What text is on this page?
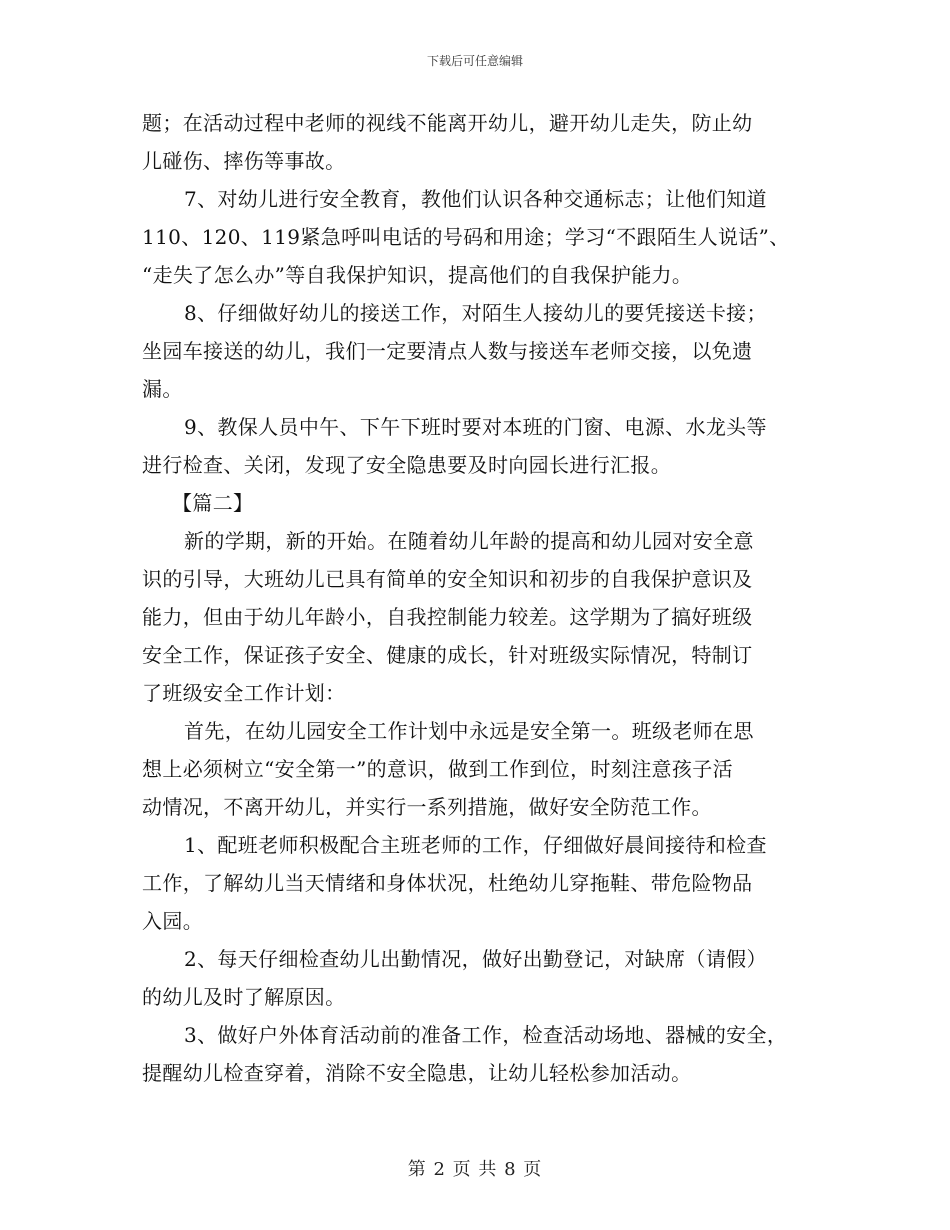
下载后可任意编辑
题；在活动过程中老师的视线不能离开幼儿，避开幼儿走失，防止幼
儿碰伤、摔伤等事故。
7、对幼儿进行安全教育，教他们认识各种交通标志；让他们知道
110、120、119紧急呼叫电话的号码和用途；学习“不跟陌生人说话”、
“走失了怎么办”等自我保护知识，提高他们的自我保护能力。
8、仔细做好幼儿的接送工作，对陌生人接幼儿的要凭接送卡接；
坐园车接送的幼儿，我们一定要清点人数与接送车老师交接，以免遗
漏。
9、教保人员中午、下午下班时要对本班的门窗、电源、水龙头等
进行检查、关闭，发现了安全隐患要及时向园长进行汇报。
【篇二】
新的学期，新的开始。在随着幼儿年龄的提高和幼儿园对安全意
识的引导，大班幼儿已具有简单的安全知识和初步的自我保护意识及
能力，但由于幼儿年龄小，自我控制能力较差。这学期为了搞好班级
安全工作，保证孩子安全、健康的成长，针对班级实际情况，特制订
了班级安全工作计划：
首先，在幼儿园安全工作计划中永远是安全第一。班级老师在思
想上必须树立“安全第一”的意识，做到工作到位，时刻注意孩子活
动情况，不离开幼儿，并实行一系列措施，做好安全防范工作。
1、配班老师积极配合主班老师的工作，仔细做好晨间接待和检查
工作，了解幼儿当天情绪和身体状况，杜绝幼儿穿拖鞋、带危险物品
入园。
2、每天仔细检查幼儿出勤情况，做好出勤登记，对缺席（请假）
的幼儿及时了解原因。
3、做好户外体育活动前的准备工作，检查活动场地、器械的安全，
提醒幼儿检查穿着，消除不安全隐患，让幼儿轻松参加活动。
第 2 页 共 8 页
